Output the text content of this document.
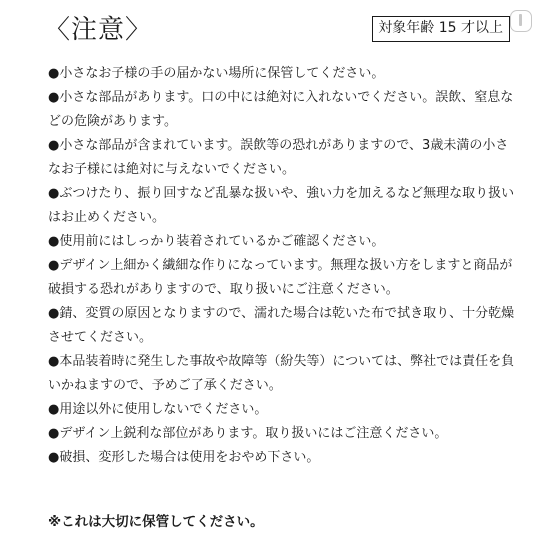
〈注意〉	対象年齢 15 才以上
●小さなお子様の手の届かない場所に保管してください。
●小さな部品があります。口の中には絶対に入れないでください。誤飲、窒息などの危険があります。
●小さな部品が含まれています。誤飲等の恐れがありますので、3歳未満の小さなお子様には絶対に与えないでください。
●ぶつけたり、振り回すなど乱暴な扱いや、強い力を加えるなど無理な取り扱いはお止めください。
●使用前にはしっかり装着されているかご確認ください。
●デザイン上細かく繊細な作りになっています。無理な扱い方をしますと商品が破損する恐れがありますので、取り扱いにご注意ください。
●錆、変質の原因となりますので、濡れた場合は乾いた布で拭き取り、十分乾燥させてください。
●本品装着時に発生した事故や故障等（紛失等）については、弊社では責任を負いかねますので、予めご了承ください。
●用途以外に使用しないでください。
●デザイン上鋭利な部位があります。取り扱いにはご注意ください。
●破損、変形した場合は使用をおやめ下さい。
※これは大切に保管してください。
